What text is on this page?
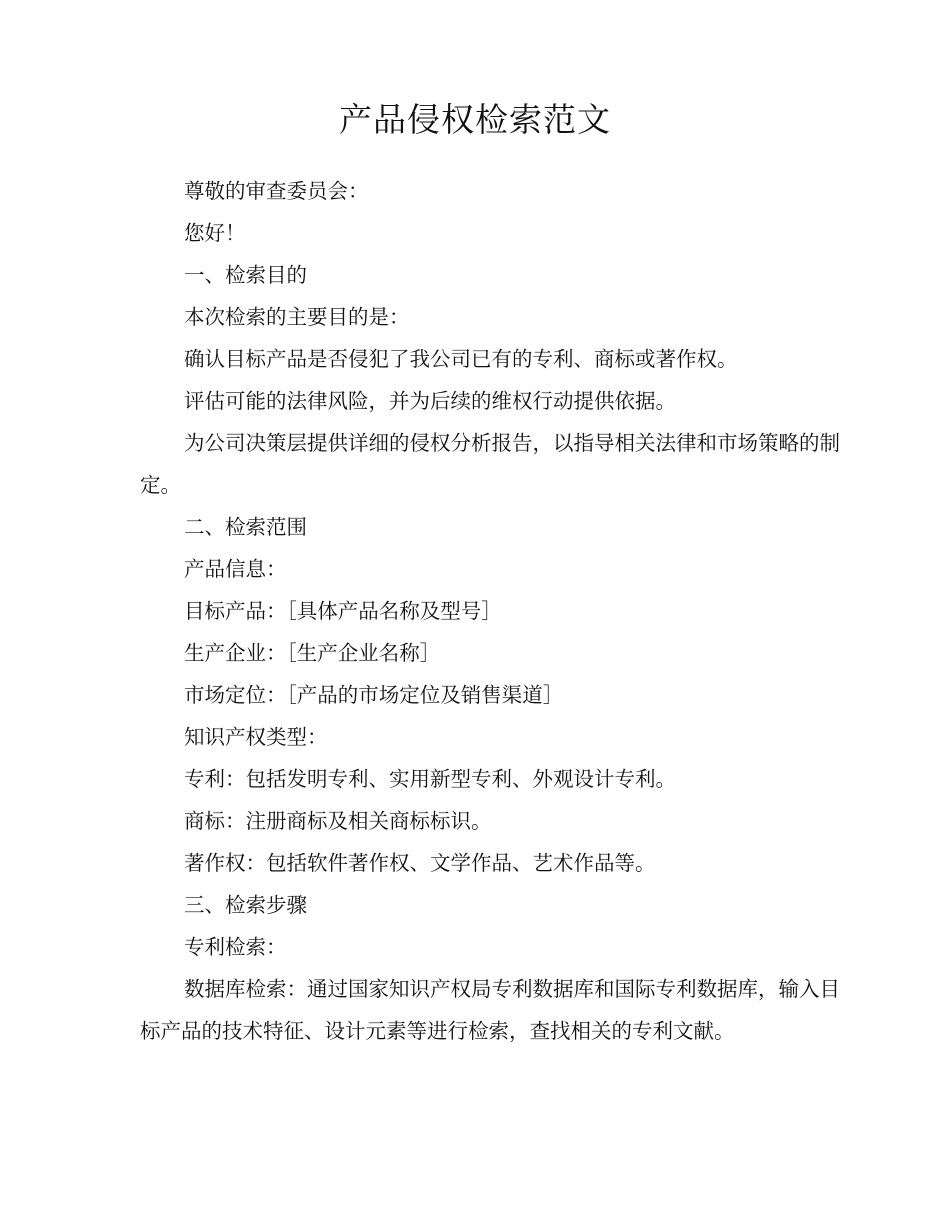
产品侵权检索范文

尊敬的审查委员会：

您好！

一、检索目的

本次检索的主要目的是：

确认目标产品是否侵犯了我公司已有的专利、商标或著作权。

评估可能的法律风险，并为后续的维权行动提供依据。

为公司决策层提供详细的侵权分析报告，以指导相关法律和市场策略的制定。

二、检索范围

产品信息：

目标产品：［具体产品名称及型号］

生产企业：［生产企业名称］

市场定位：［产品的市场定位及销售渠道］

知识产权类型：

专利：包括发明专利、实用新型专利、外观设计专利。

商标：注册商标及相关商标标识。

著作权：包括软件著作权、文学作品、艺术作品等。

三、检索步骤

专利检索：

数据库检索：通过国家知识产权局专利数据库和国际专利数据库，输入目标产品的技术特征、设计元素等进行检索，查找相关的专利文献。
